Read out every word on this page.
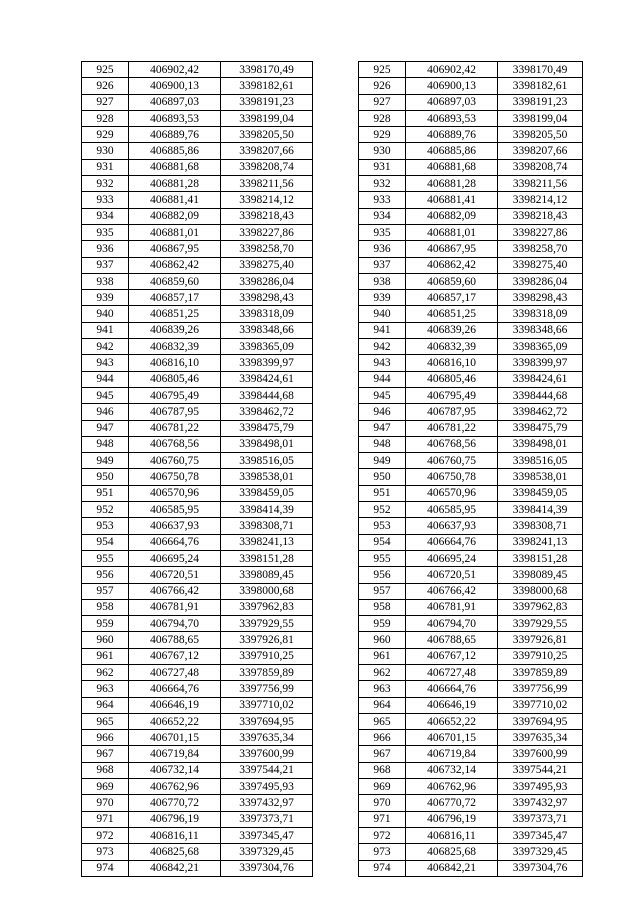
925	406902,42	3398170,49		925	406902,42	3398170,49
926	406900,13	3398182,61		926	406900,13	3398182,61
927	406897,03	3398191,23		927	406897,03	3398191,23
928	406893,53	3398199,04		928	406893,53	3398199,04
929	406889,76	3398205,50		929	406889,76	3398205,50
930	406885,86	3398207,66		930	406885,86	3398207,66
931	406881,68	3398208,74		931	406881,68	3398208,74
932	406881,28	3398211,56		932	406881,28	3398211,56
933	406881,41	3398214,12		933	406881,41	3398214,12
934	406882,09	3398218,43		934	406882,09	3398218,43
935	406881,01	3398227,86		935	406881,01	3398227,86
936	406867,95	3398258,70		936	406867,95	3398258,70
937	406862,42	3398275,40		937	406862,42	3398275,40
938	406859,60	3398286,04		938	406859,60	3398286,04
939	406857,17	3398298,43		939	406857,17	3398298,43
940	406851,25	3398318,09		940	406851,25	3398318,09
941	406839,26	3398348,66		941	406839,26	3398348,66
942	406832,39	3398365,09		942	406832,39	3398365,09
943	406816,10	3398399,97		943	406816,10	3398399,97
944	406805,46	3398424,61		944	406805,46	3398424,61
945	406795,49	3398444,68		945	406795,49	3398444,68
946	406787,95	3398462,72		946	406787,95	3398462,72
947	406781,22	3398475,79		947	406781,22	3398475,79
948	406768,56	3398498,01		948	406768,56	3398498,01
949	406760,75	3398516,05		949	406760,75	3398516,05
950	406750,78	3398538,01		950	406750,78	3398538,01
951	406570,96	3398459,05		951	406570,96	3398459,05
952	406585,95	3398414,39		952	406585,95	3398414,39
953	406637,93	3398308,71		953	406637,93	3398308,71
954	406664,76	3398241,13		954	406664,76	3398241,13
955	406695,24	3398151,28		955	406695,24	3398151,28
956	406720,51	3398089,45		956	406720,51	3398089,45
957	406766,42	3398000,68		957	406766,42	3398000,68
958	406781,91	3397962,83		958	406781,91	3397962,83
959	406794,70	3397929,55		959	406794,70	3397929,55
960	406788,65	3397926,81		960	406788,65	3397926,81
961	406767,12	3397910,25		961	406767,12	3397910,25
962	406727,48	3397859,89		962	406727,48	3397859,89
963	406664,76	3397756,99		963	406664,76	3397756,99
964	406646,19	3397710,02		964	406646,19	3397710,02
965	406652,22	3397694,95		965	406652,22	3397694,95
966	406701,15	3397635,34		966	406701,15	3397635,34
967	406719,84	3397600,99		967	406719,84	3397600,99
968	406732,14	3397544,21		968	406732,14	3397544,21
969	406762,96	3397495,93		969	406762,96	3397495,93
970	406770,72	3397432,97		970	406770,72	3397432,97
971	406796,19	3397373,71		971	406796,19	3397373,71
972	406816,11	3397345,47		972	406816,11	3397345,47
973	406825,68	3397329,45		973	406825,68	3397329,45
974	406842,21	3397304,76		974	406842,21	3397304,76
